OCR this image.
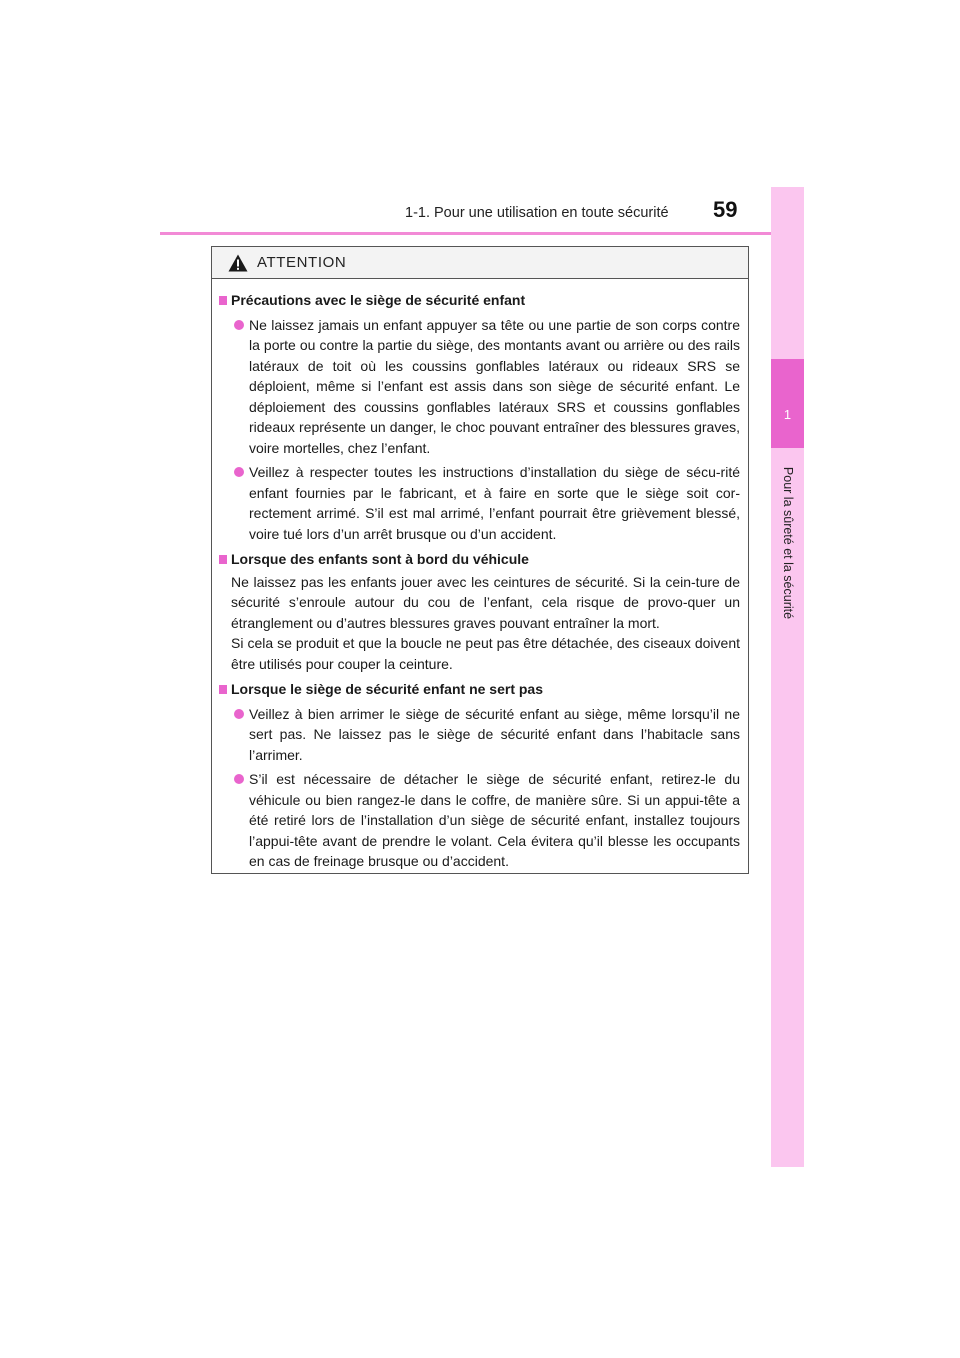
1-1. Pour une utilisation en toute sécurité 59
1
Pour la sûreté et la sécurité
ATTENTION
Précautions avec le siège de sécurité enfant
Ne laissez jamais un enfant appuyer sa tête ou une partie de son corps contre la porte ou contre la partie du siège, des montants avant ou arrière ou des rails latéraux de toit où les coussins gonflables latéraux ou rideaux SRS se déploient, même si l’enfant est assis dans son siège de sécurité enfant. Le déploiement des coussins gonflables latéraux SRS et coussins gonflables rideaux représente un danger, le choc pouvant entraîner des blessures graves, voire mortelles, chez l’enfant.
Veillez à respecter toutes les instructions d’installation du siège de sécu-rité enfant fournies par le fabricant, et à faire en sorte que le siège soit cor-rectement arrimé. S’il est mal arrimé, l’enfant pourrait être grièvement blessé, voire tué lors d’un arrêt brusque ou d’un accident.
Lorsque des enfants sont à bord du véhicule
Ne laissez pas les enfants jouer avec les ceintures de sécurité. Si la cein-ture de sécurité s’enroule autour du cou de l’enfant, cela risque de provo-quer un étranglement ou d’autres blessures graves pouvant entraîner la mort.
Si cela se produit et que la boucle ne peut pas être détachée, des ciseaux doivent être utilisés pour couper la ceinture.
Lorsque le siège de sécurité enfant ne sert pas
Veillez à bien arrimer le siège de sécurité enfant au siège, même lorsqu’il ne sert pas. Ne laissez pas le siège de sécurité enfant dans l’habitacle sans l’arrimer.
S’il est nécessaire de détacher le siège de sécurité enfant, retirez-le du véhicule ou bien rangez-le dans le coffre, de manière sûre. Si un appui-tête a été retiré lors de l’installation d’un siège de sécurité enfant, installez toujours l’appui-tête avant de prendre le volant. Cela évitera qu’il blesse les occupants en cas de freinage brusque ou d’accident.
